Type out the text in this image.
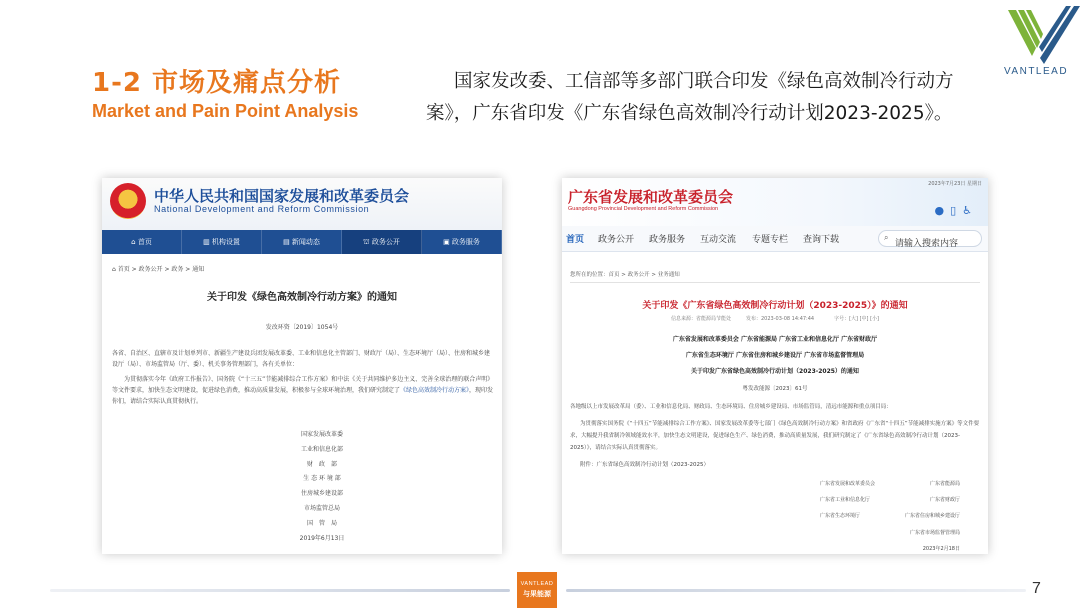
1-2 市场及痛点分析
Market and Pain Point Analysis
国家发改委、工信部等多部门联合印发《绿色高效制冷行动方案》，广东省印发《广东省绿色高效制冷行动计划2023-2025》。
VANTLEAD
中华人民共和国国家发展和改革委员会
National Development and Reform Commission
⌂ 首页	▥ 机构设置	▤ 新闻动态	⛫ 政务公开	▣ 政务服务
⌂ 首页 > 政务公开 > 政务 > 通知
关于印发《绿色高效制冷行动方案》的通知
发改环资〔2019〕1054号
各省、自治区、直辖市及计划单列市、新疆生产建设兵团发展改革委、工业和信息化主管部门、财政厅（局）、生态环境厅（局）、住房和城乡建设厅（局）、市场监管局（厅、委）、机关事务管理部门，各有关单位：
为贯彻落实今年《政府工作报告》、国务院《“十三五”节能减排综合工作方案》和中法《关于共同维护多边主义、完善全球治理的联合声明》等文件要求，加快生态文明建设，促进绿色消费，推动高质量发展，积极参与全球环境治理，我们研究制定了《绿色高效制冷行动方案》，现印发你们，请结合实际认真贯彻执行。
国家发展改革委
工业和信息化部
财　政　部
生 态 环 境 部
住房城乡建设部
市场监管总局
国　管　局
2019年6月13日
2023年7月23日 星期日
广东省发展和改革委员会
Guangdong Provincial Development and Reform Commission	●▯♿
首页 政务公开 政务服务 互动交流 专题专栏 查询下载	⌕
请输入搜索内容
您所在的位置：首页 > 政务公开 > 业务通知
关于印发《广东省绿色高效制冷行动计划（2023-2025）》的通知
信息来源：省能源局节能处　　　发布：2023-03-08 14:47:44　　　　字号：[大] [中] [小]
广东省发展和改革委员会 广东省能源局 广东省工业和信息化厅 广东省财政厅
广东省生态环境厅 广东省住房和城乡建设厅 广东省市场监督管理局
关于印发广东省绿色高效制冷行动计划（2023-2025）的通知
粤发改能源〔2023〕61号
各地级以上市发展改革局（委）、工业和信息化局、财政局、生态环境局、住房城乡建设局、市场监管局，清远市能源和重点项目局：
为贯彻落实国务院《“十四五”节能减排综合工作方案》、国家发展改革委等七部门《绿色高效制冷行动方案》和省政府《广东省“十四五”节能减排实施方案》等文件要求，大幅提升我省制冷领域能效水平，加快生态文明建设，促进绿色生产、绿色消费，推动高质量发展，我们研究制定了《广东省绿色高效制冷行动计划（2023-2025）》，请结合实际认真贯彻落实。
附件：广东省绿色高效制冷行动计划（2023-2025）
广东省发展和改革委员会	广东省能源局
广东省工业和信息化厅	广东省财政厅
广东省生态环境厅	广东省住房和城乡建设厅
广东省市场监督管理局
2023年2月18日
VANTLEAD
与果能源	7
